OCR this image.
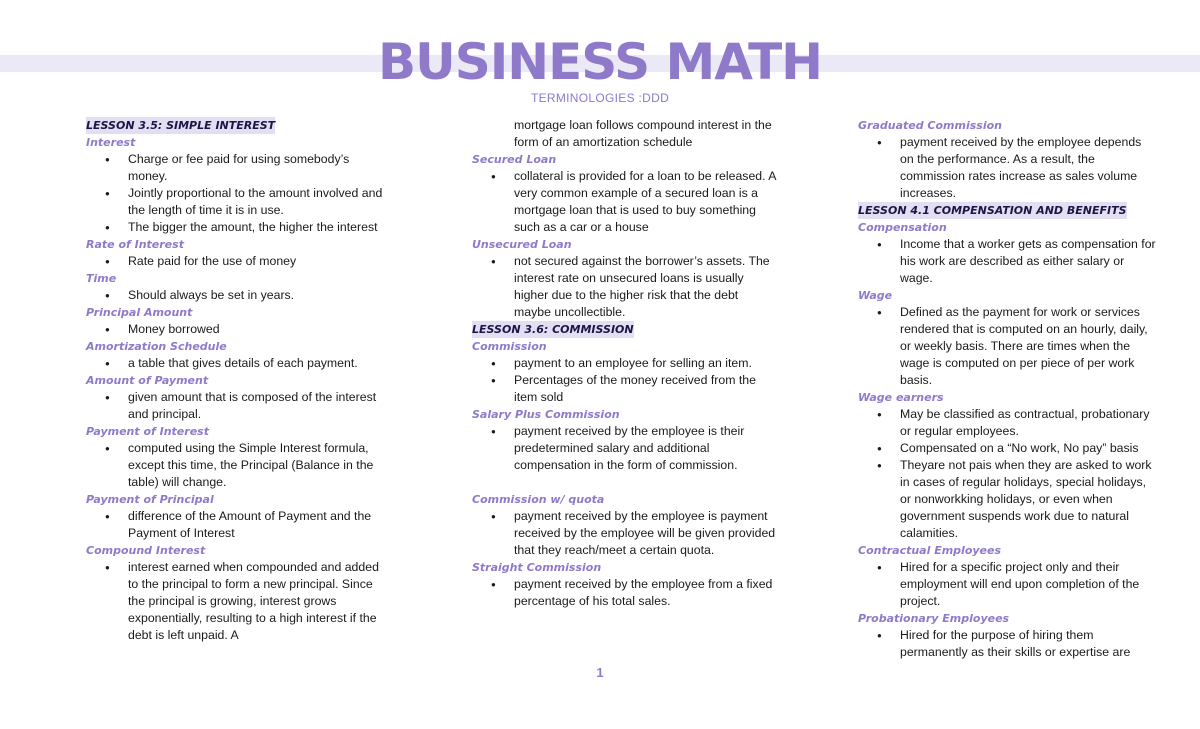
BUSINESS MATH
TERMINOLOGIES :DDD
LESSON 3.5: SIMPLE INTEREST
Interest
● Charge or fee paid for using somebody’s money.
● Jointly proportional to the amount involved and the length of time it is in use.
● The bigger the amount, the higher the interest
Rate of Interest
● Rate paid for the use of money
Time
● Should always be set in years.
Principal Amount
● Money borrowed
Amortization Schedule
● a table that gives details of each payment.
Amount of Payment
● given amount that is composed of the interest and principal.
Payment of Interest
● computed using the Simple Interest formula, except this time, the Principal (Balance in the table) will change.
Payment of Principal
● difference of the Amount of Payment and the Payment of Interest
Compound Interest
● interest earned when compounded and added to the principal to form a new principal. Since the principal is growing, interest grows exponentially, resulting to a high interest if the debt is left unpaid. A
mortgage loan follows compound interest in the form of an amortization schedule
Secured Loan
● collateral is provided for a loan to be released. A very common example of a secured loan is a mortgage loan that is used to buy something such as a car or a house
Unsecured Loan
● not secured against the borrower’s assets. The interest rate on unsecured loans is usually higher due to the higher risk that the debt maybe uncollectible.
LESSON 3.6: COMMISSION
Commission
● payment to an employee for selling an item.
● Percentages of the money received from the item sold
Salary Plus Commission
● payment received by the employee is their predetermined salary and additional compensation in the form of commission.
Commission w/ quota
● payment received by the employee is payment received by the employee will be given provided that they reach/meet a certain quota.
Straight Commission
● payment received by the employee from a fixed percentage of his total sales.
Graduated Commission
● payment received by the employee depends on the performance. As a result, the commission rates increase as sales volume increases.
LESSON 4.1 COMPENSATION AND BENEFITS
Compensation
● Income that a worker gets as compensation for his work are described as either salary or wage.
Wage
● Defined as the payment for work or services rendered that is computed on an hourly, daily, or weekly basis. There are times when the wage is computed on per piece of per work basis.
Wage earners
● May be classified as contractual, probationary or regular employees.
● Compensated on a “No work, No pay” basis
● Theyare not pais when they are asked to work in cases of regular holidays, special holidays, or nonworkking holidays, or even when government suspends work due to natural calamities.
Contractual Employees
● Hired for a specific project only and their employment will end upon completion of the project.
Probationary Employees
● Hired for the purpose of hiring them permanently as their skills or expertise are
1
